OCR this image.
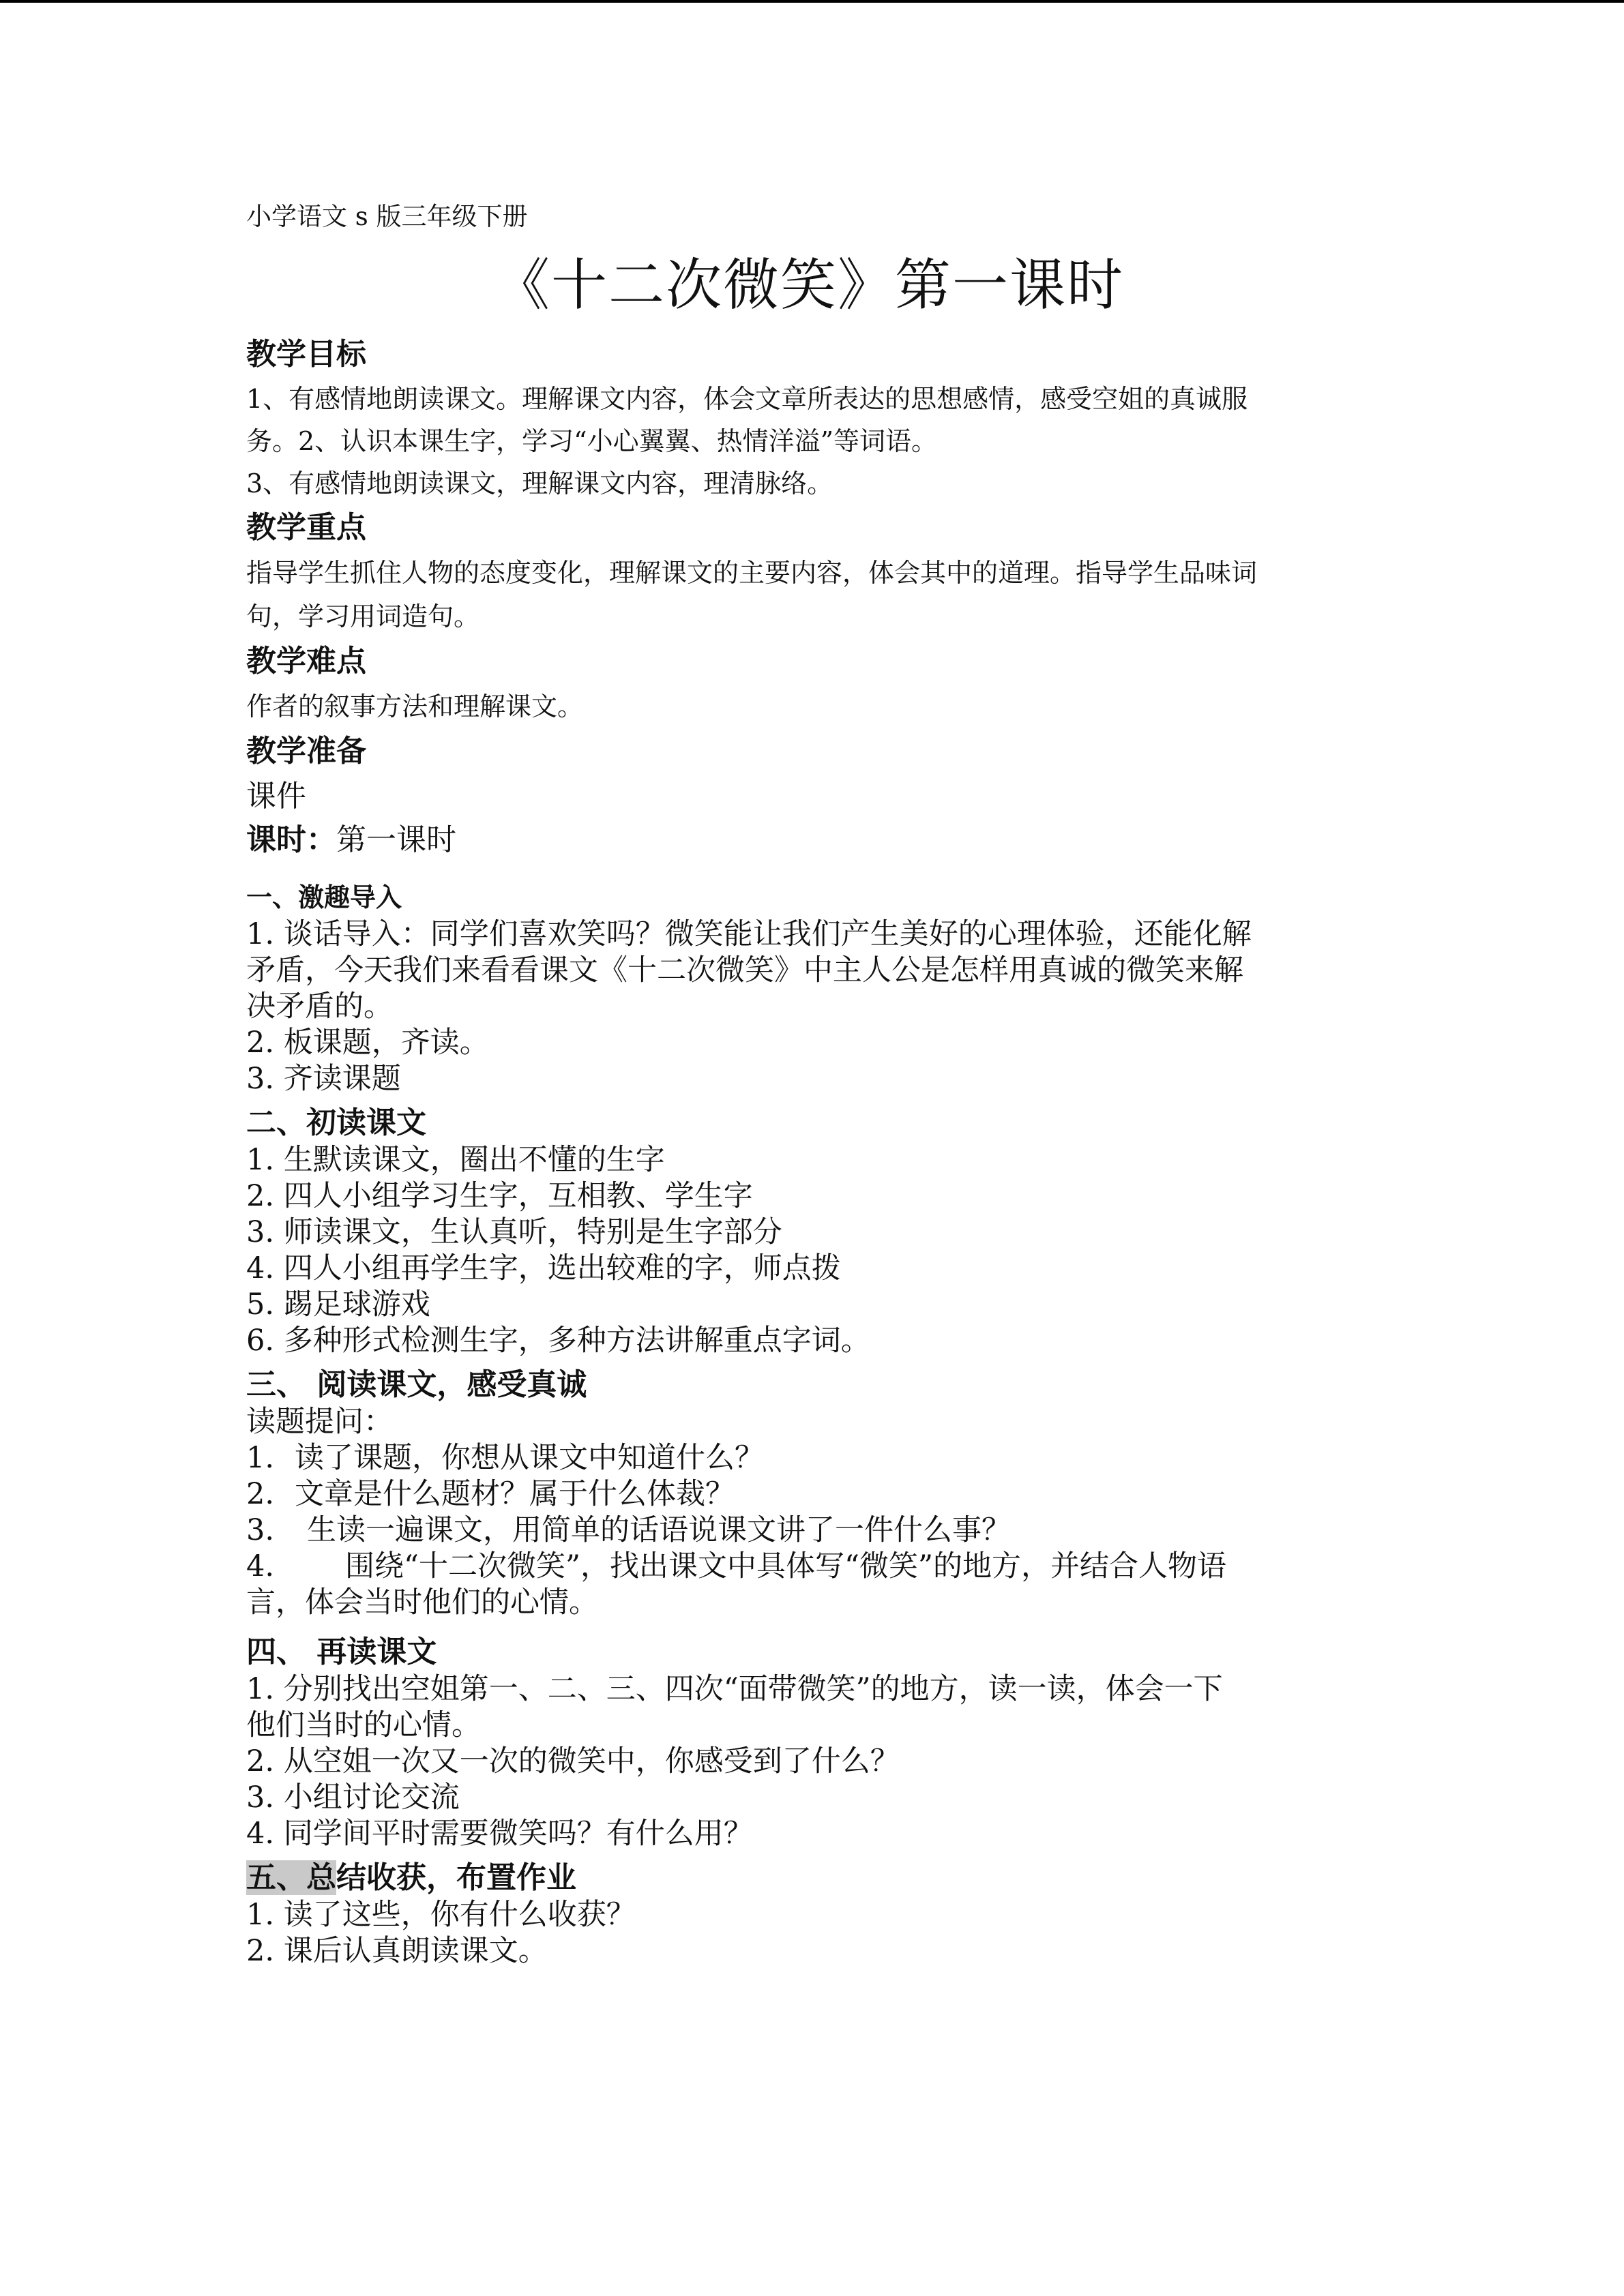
小学语文 s 版三年级下册

《十二次微笑》第一课时
教学目标

1、有感情地朗读课文。理解课文内容，体会文章所表达的思想感情，感受空姐的真诚服

务。2、认识本课生字，学习“小心翼翼、热情洋溢”等词语。

3、有感情地朗读课文，理解课文内容，理清脉络。

教学重点

指导学生抓住人物的态度变化，理解课文的主要内容，体会其中的道理。指导学生品味词

句，学习用词造句。

教学难点

作者的叙事方法和理解课文。

教学准备

课件

课时：第一课时

一、激趣导入

1. 谈话导入：同学们喜欢笑吗？微笑能让我们产生美好的心理体验，还能化解

矛盾，今天我们来看看课文《十二次微笑》中主人公是怎样用真诚的微笑来解

决矛盾的。

2. 板课题，齐读。

3. 齐读课题

二、初读课文

1. 生默读课文，圈出不懂的生字

2. 四人小组学习生字，互相教、学生字

3. 师读课文，生认真听，特别是生字部分

4. 四人小组再学生字，选出较难的字，师点拨

5. 踢足球游戏

6. 多种形式检测生字，多种方法讲解重点字词。

三、 阅读课文，感受真诚

读题提问：

1. 读了课题，你想从课文中知道什么？

2. 文章是什么题材？属于什么体裁？

3. 生读一遍课文，用简单的话语说课文讲了一件什么事？

4. 围绕“十二次微笑”，找出课文中具体写“微笑”的地方，并结合人物语

言，体会当时他们的心情。

四、 再读课文

1. 分别找出空姐第一、二、三、四次“面带微笑”的地方，读一读，体会一下

他们当时的心情。

2. 从空姐一次又一次的微笑中，你感受到了什么？

3. 小组讨论交流

4. 同学间平时需要微笑吗？有什么用？

五、总结收获，布置作业

1. 读了这些，你有什么收获？

2. 课后认真朗读课文。
